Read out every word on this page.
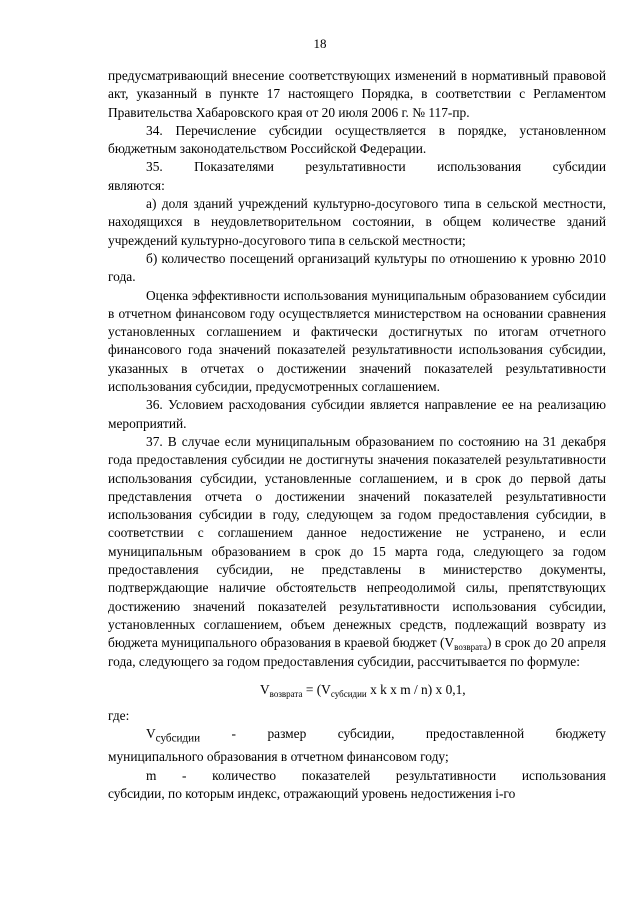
18

предусматривающий внесение соответствующих изменений в нормативный правовой акт, указанный в пункте 17 настоящего Порядка, в соответствии с Регламентом Правительства Хабаровского края от 20 июля 2006 г. № 117-пр.

34. Перечисление субсидии осуществляется в порядке, установленном бюджетным законодательством Российской Федерации.

35. Показателями результативности использования субсидии

являются:

а) доля зданий учреждений культурно-досугового типа в сельской местности, находящихся в неудовлетворительном состоянии, в общем количестве зданий учреждений культурно-досугового типа в сельской местности;

б) количество посещений организаций культуры по отношению к уровню 2010 года.

Оценка эффективности использования муниципальным образованием субсидии в отчетном финансовом году осуществляется министерством на основании сравнения установленных соглашением и фактически достигнутых по итогам отчетного финансового года значений показателей результативности использования субсидии, указанных в отчетах о достижении значений показателей результативности использования субсидии, предусмотренных соглашением.

36. Условием расходования субсидии является направление ее на реализацию мероприятий.

37. В случае если муниципальным образованием по состоянию на 31 декабря года предоставления субсидии не достигнуты значения показателей результативности использования субсидии, установленные соглашением, и в срок до первой даты представления отчета о достижении значений показателей результативности использования субсидии в году, следующем за годом предоставления субсидии, в соответствии с соглашением данное недостижение не устранено, и если муниципальным образованием в срок до 15 марта года, следующего за годом предоставления субсидии, не представлены в министерство документы, подтверждающие наличие обстоятельств непреодолимой силы, препятствующих достижению значений показателей результативности использования субсидии, установленных соглашением, объем денежных средств, подлежащий возврату из бюджета муниципального образования в краевой бюджет $(V_{возврата})$ в срок до 20 апреля года, следующего за годом предоставления субсидии, рассчитывается по формуле:

$V_{возврата} = (V_{субсидии}$ x k x m / n) x 0,1,

где:

$V_{субсидии}$ - размер субсидии, предоставленной бюджету

муниципального образования в отчетном финансовом году;

m - количество показателей результативности использования

субсидии, по которым индекс, отражающий уровень недостижения i-го
